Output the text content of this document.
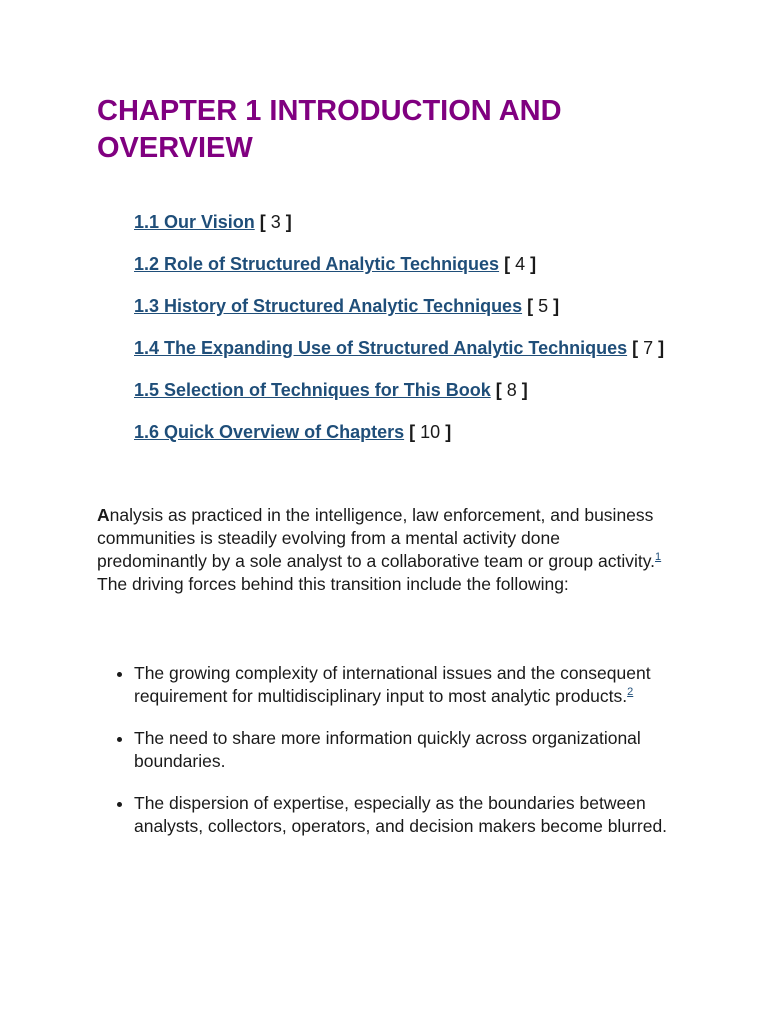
CHAPTER 1 INTRODUCTION AND OVERVIEW
1.1 Our Vision [ 3 ]
1.2 Role of Structured Analytic Techniques [ 4 ]
1.3 History of Structured Analytic Techniques [ 5 ]
1.4 The Expanding Use of Structured Analytic Techniques [ 7 ]
1.5 Selection of Techniques for This Book [ 8 ]
1.6 Quick Overview of Chapters [ 10 ]

Analysis as practiced in the intelligence, law enforcement, and business communities is steadily evolving from a mental activity done predominantly by a sole analyst to a collaborative team or group activity.$^1$ The driving forces behind this transition include the following:

• The growing complexity of international issues and the consequent requirement for multidisciplinary input to most analytic products.$^2$
• The need to share more information quickly across organizational boundaries.
• The dispersion of expertise, especially as the boundaries between analysts, collectors, operators, and decision makers become blurred.
